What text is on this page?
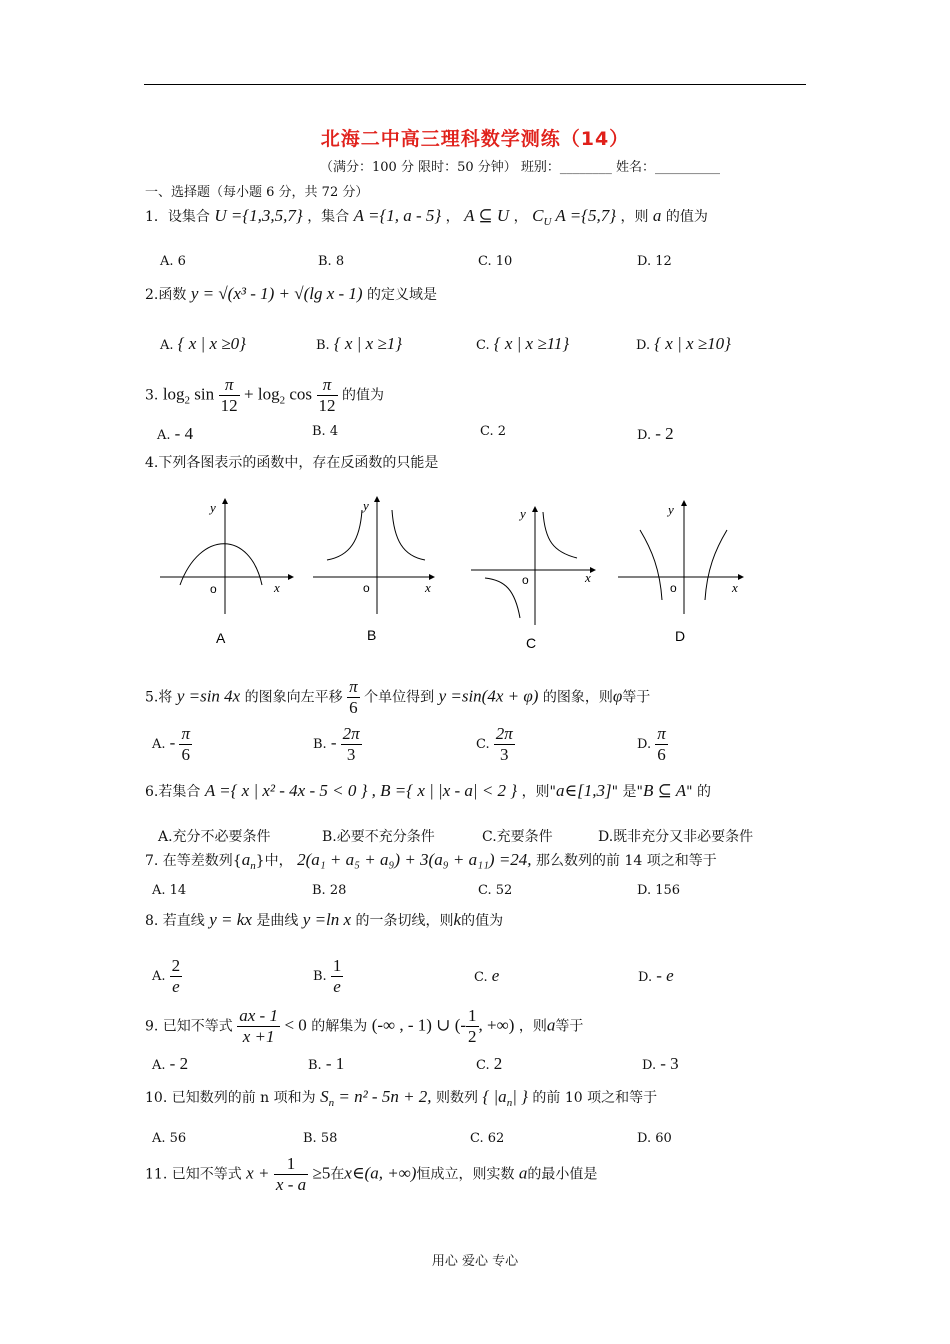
北海二中高三理科数学测练（14）
（满分：100 分 限时：50 分钟） 班别：________ 姓名：__________
一、选择题（每小题 6 分，共 72 分）
1．设集合 U ={1,3,5,7} ，集合 A ={1, a - 5} ， A ⊆ U ， $C_U$ A ={5,7} ，则 a 的值为
A. 6	B. 8	C. 10	D. 12
2.函数 y = √(x³ - 1) + √(lg x - 1) 的定义域是
A. { x | x ≥0}	B. { x | x ≥1}	C. { x | x ≥11}	D. { x | x ≥10}
3. $\log_2 \sin \frac{\pi}{12} + \log_2 \cos \frac{\pi}{12}$ 的值为
A. - 4	B. 4	C. 2	D. - 2
4.下列各图表示的函数中，存在反函数的只能是
o	x
y
A
o	x
y
B
o	x
y
C
o	x
y
D
5.将 y =sin 4x 的图象向左平移 $\frac{\pi}{6}$ 个单位得到 y =sin(4x + φ) 的图象，则φ等于
A. - $\frac{\pi}{6}$	B. - $\frac{2\pi}{3}$	C. $\frac{2\pi}{3}$	D. $\frac{\pi}{6}$
6.若集合 A ={ x | x² - 4x - 5 < 0 } , B ={ x | |x - a| < 2 } ，则"a∈[1,3]" 是"B ⊆ A" 的
A.充分不必要条件	B.必要不充分条件	C.充要条件	D.既非充分又非必要条件
7. 在等差数列$\{a_n\}$中， 2(a₁ + a₅ + a₉) + 3(a₉ + a₁₁) =24, 那么数列的前 14 项之和等于
A. 14	B. 28	C. 52	D. 156
8. 若直线 y = kx 是曲线 y =ln x 的一条切线，则k的值为
A. $\frac{2}{e}$	B. $\frac{1}{e}$	C. e	D. - e
9. 已知不等式 $\frac{ax - 1}{x +1} < 0$ 的解集为 (-∞ , - 1) ∪ (- $\frac{1}{2}$ , +∞) ，则a等于
A. - 2	B. - 1	C. 2	D. - 3
10. 已知数列的前 n 项和为 $S_n = n^2 - 5n + 2$, 则数列 { $|a_n|$ } 的前 10 项之和等于
A. 56	B. 58	C. 62	D. 60
11. 已知不等式 $x + \frac{1}{x - a} \ge 5$在x∈(a, +∞)恒成立，则实数 a的最小值是
用心 爱心 专心
